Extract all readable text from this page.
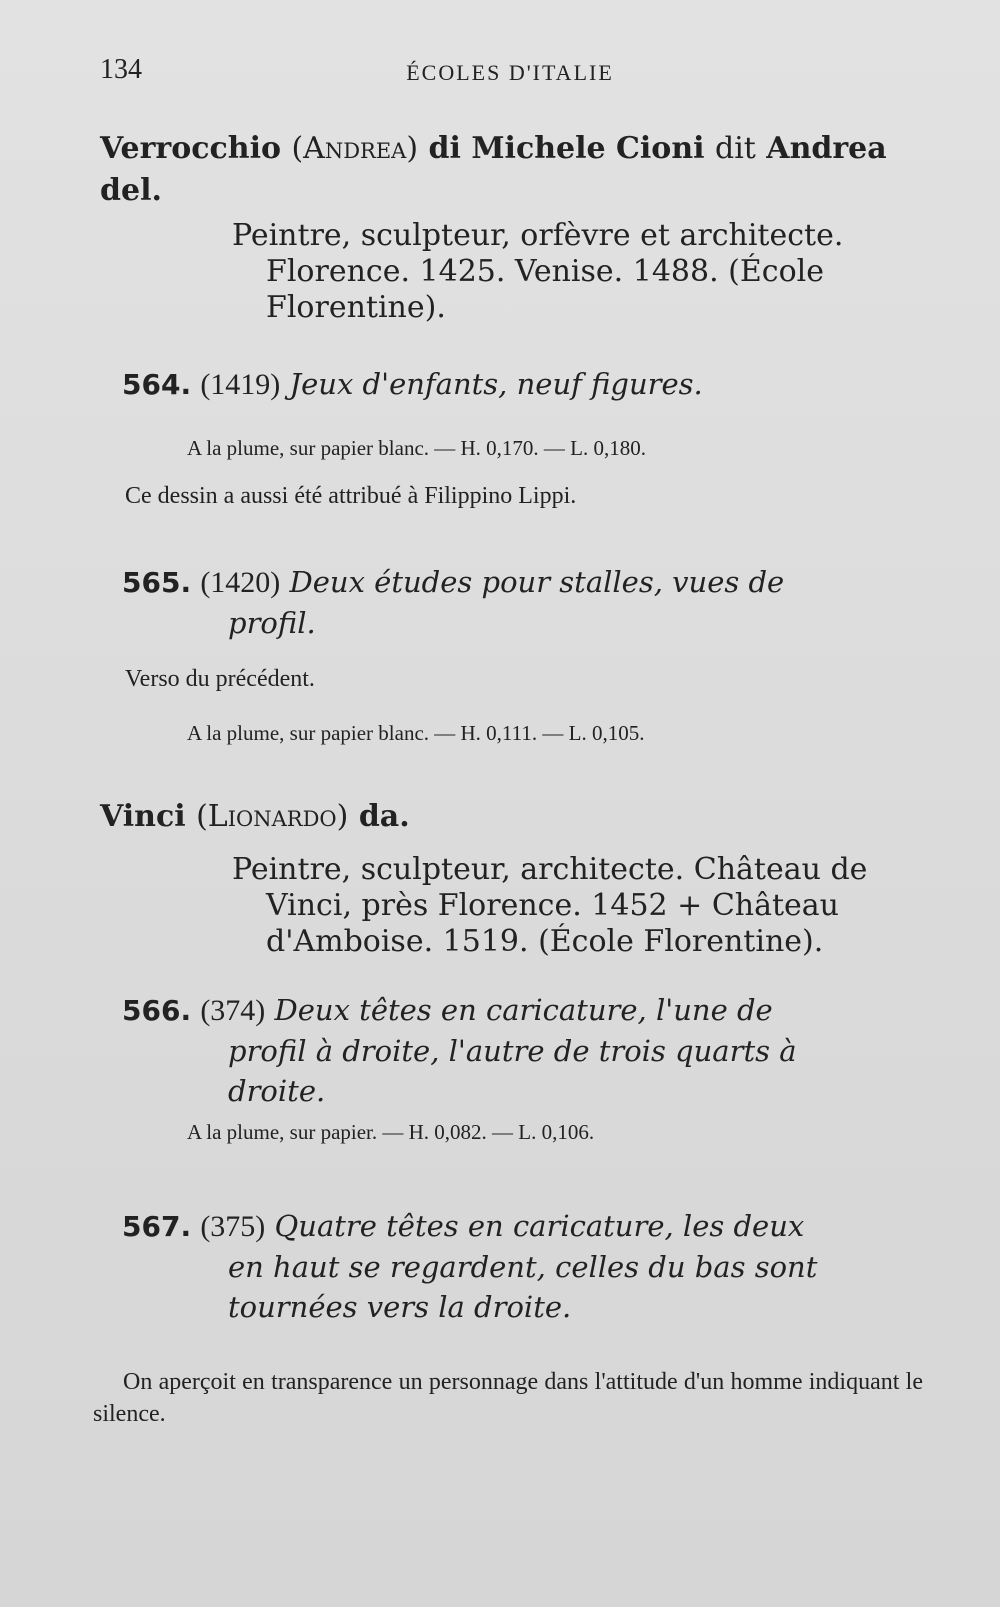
134	ÉCOLES D'ITALIE
Verrocchio (Andrea) di Michele Cioni dit Andrea del.
Peintre, sculpteur, orfèvre et architecte.
Florence. 1425. Venise. 1488. (École
Florentine).
564. (1419) Jeux d'enfants, neuf figures.
A la plume, sur papier blanc. — H. 0,170. — L. 0,180.
Ce dessin a aussi été attribué à Filippino Lippi.
565. (1420) Deux études pour stalles, vues de
profil.
Verso du précédent.
A la plume, sur papier blanc. — H. 0,111. — L. 0,105.
Vinci (Lionardo) da.
Peintre, sculpteur, architecte. Château de
Vinci, près Florence. 1452 + Château
d'Amboise. 1519. (École Florentine).
566. (374) Deux têtes en caricature, l'une de
profil à droite, l'autre de trois quarts à
droite.
A la plume, sur papier. — H. 0,082. — L. 0,106.
567. (375) Quatre têtes en caricature, les deux
en haut se regardent, celles du bas sont
tournées vers la droite.
On aperçoit en transparence un personnage dans l'attitude d'un homme indiquant le silence.
